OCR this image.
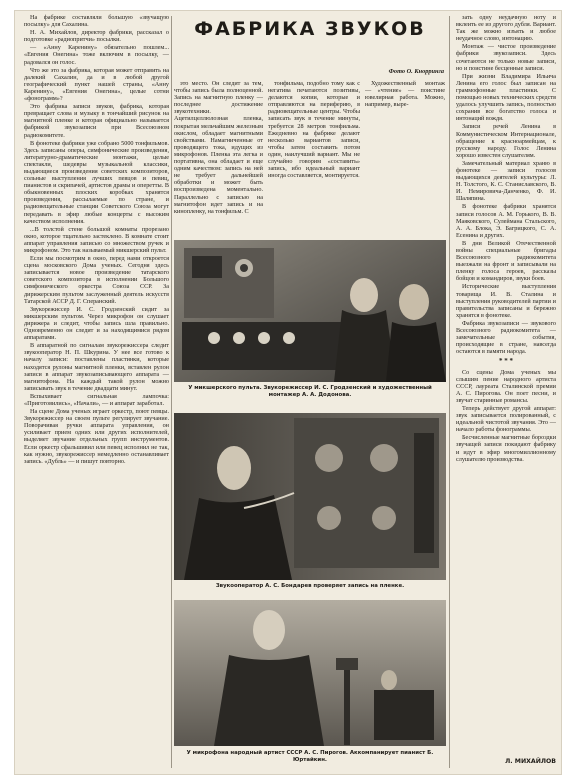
ФАБРИКА ЗВУКОВ
Фото О. Кнорринга

На фабрике составляли большую «звучащую посылку» для Сахалина.

Н. А. Михайлов, директор фабрики, рассказал о подготовке «радиопритчи» посылки.

— «Анну Каренину» обязательно пошлем... «Евгения Онегина» тоже включим в посылку, — радовался он голос.

Что же это за фабрика, которая может отправить на далекий Сахалин, да и в любой другой географический пункт нашей страны, «Анну Каренину», «Евгения Онегина», целые сотни «фонограмм»?

Это фабрика записи звуков, фабрика, которая превращает слова и музыку в тончайший рисунок на магнитной пленке и которая официально называется фабрикой звукозаписи при Всесоюзном радиокомитете.

В фонотеке фабрики уже собрано 5000 тонфильмов. Здесь записаны оперы, симфонические произведения, литературно-драматические монтажи, целые спектакли, шедевры музыкальной классики, выдающиеся произведения советских композиторов, сольные выступления лучших певцов и певиц, пианистов и скрипачей, артистов драмы и оперетты. В обыкновенных плоских коробках хранятся произведения, рассылаемые по стране, и радиовещательные станции Советского Союза могут передавать в эфир любые концерты с высоким качеством исполнения.

...В толстой стене большой комнаты прорезано окно, которое тщательно застеклено. В комнате стоит аппарат управления записью со множеством ручек и микрофоном. Это так называемый микшерский пульт.

Если мы посмотрим в окно, перед нами откроется сцена московского Дома ученых. Сегодня здесь записывается новое произведение татарского советского композитора в исполнении Большого симфонического оркестра Союза ССР. За дирижерским пультом заслуженный деятель искусств Татарской АССР Д. Г. Сперанский.

Звукорежиссер И. С. Гродзенский сидит за микшерским пультом. Через микрофон он слушает дирижера и следит, чтобы запись шла правильно. Одновременно он следит и за находящимися рядом аппаратами.

В аппаратной по сигналам звукорежиссера следит звукооператор Н. П. Шкурина. У нее все готово к началу записи: поставлены пластинки, которые находятся рулоны магнитной пленки, вставлен рулон записи в аппарат звукозаписывающего аппарата — магнитофона. На каждый такой рулон можно записывать звук в течение двадцати минут.

Вспыхивает сигнальная лампочка: «Приготовились», «Начали», — и аппарат заработал.

На сцене Дома ученых играет оркестр, поют певцы. Звукорежиссер на своем пульте регулирует звучание. Поворачивая ручки аппарата управления, он усиливает прием одних или других исполнителей, выделяет звучание отдельных групп инструментов. Если оркестр сфальшивил или певец исполнил не так, как нужно, звукорежиссер немедленно останавливает запись. «Дубль» — и пишут повторно.

это место. Он следит за тем, чтобы запись была полноценной. Запись на магнитную пленку — последнее достижение звукотехники. Ацетилцеллюлозная пленка, покрытая мельчайшим железным окислом, обладает магнитными свойствами. Намагниченные от проводящего тока, идущих из микрофонов. Пленка эта легка и портативна, она обладает и еще одним качеством: запись на ней не требует дальнейшей обработки и может быть воспроизведена моментально. Параллельно с записью на магнитофон идет запись и на кинопленку, на тонфильм. С

тонфильма, подобно тому как с негатива печатаются позитивы, делаются копии, которые и отправляются на периферию, в радиовещательные центры. Чтобы записать звук в течение минуты, требуется 28 метров тонфильма. Ежедневно на фабрике делают несколько вариантов записи, чтобы затем составить потом один, наилучший вариант. Мы не случайно говорим «составить» запись, ибо идеальный вариант иногда составляется, монтируется.

Художественный монтаж — «чтение» — поистине ювелирная работа. Можно, например, выре-

У микшерского пульта. Звукорежиссер И. С. Гродзенский и художественный монтажер А. А. Додонова.
Звукооператор А. С. Бондарев проверяет запись на пленке.
У микрофона народный артист СССР А. С. Пирогов. Аккомпанирует пианист Б. Юртайкин.

зать одну неудачную ноту и вклеить ее из другого дубля. Вариант. Так же можно изъять и любое неудачное слово, интонацию.

Монтаж — чистое произведение фабрики звукозаписи. Здесь сочетаются не только новые записи, но и поистине бесценные записи.

При жизни Владимира Ильича Ленина его голос был записан на граммофонные пластинки. С помощью новых технических средств удалось улучшить запись, полностью сохранив все богатство голоса и интонаций вождя.

Записи речей Ленина в Коммунистическом Интернационале, обращение к красноармейцам, к русскому народу. Голос Ленина хорошо известен слушателям.

Замечательный материал храню в фонотеке — записи голосов выдающихся деятелей культуры: Л. Н. Толстого, К. С. Станиславского, В. И. Немировича-Данченко, Ф. И. Шаляпина.

В фонотеке фабрики хранятся записи голосов А. М. Горького, В. В. Маяковского, Сулеймана Стальского, А. А. Блока, Э. Багрицкого, С. А. Есенина и других.

В дни Великой Отечественной войны специальные бригады Всесоюзного радиокомитета выезжали на фронт и записывали на пленку голоса героев, рассказы бойцов и командиров, звуки боев.

Исторические выступления товарища И. В. Сталина и выступления руководителей партии и правительства записаны и бережно хранятся в фонотеке.

Фабрика звукозаписи — звукового Всесоюзного радиокомитета — замечательные события, происходящие в стране, навсегда остаются в памяти народа.

* * *

Со сцены Дома ученых мы слышим пение народного артиста СССР, лауреата Сталинской премии А. С. Пирогова. Он поет песни, и звучат старинные романсы.

Теперь действует другой аппарат: звук записывается полированный, с идеальной чистотой звучания. Это — начало работы фонограммы.

Бесчисленные магнитные бороздки звучащей записи покидают фабрику и идут в эфир многомиллионному слушателю производства.

Л. МИХАЙЛОВ
